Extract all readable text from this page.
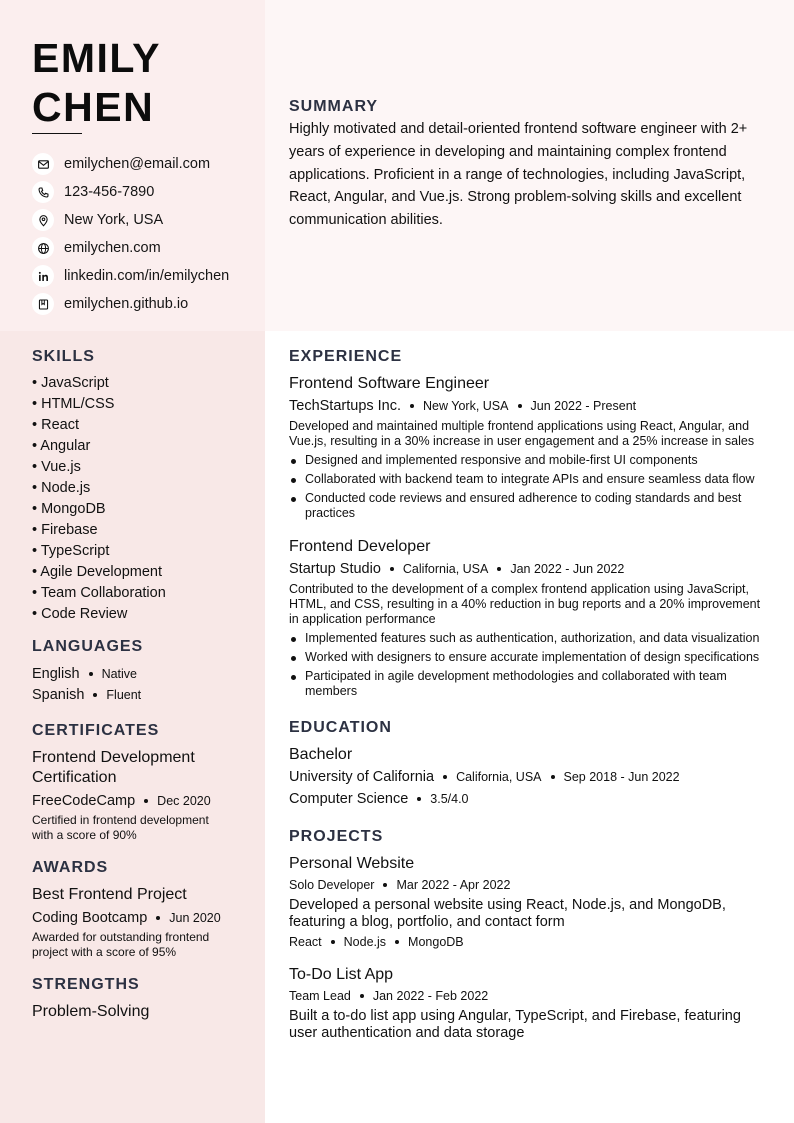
EMILY
CHEN
emilychen@email.com
123-456-7890
New York, USA
emilychen.com
linkedin.com/in/emilychen
emilychen.github.io
SUMMARY

Highly motivated and detail-oriented frontend software engineer with 2+ years of experience in developing and maintaining complex frontend applications. Proficient in a range of technologies, including JavaScript, React, Angular, and Vue.js. Strong problem-solving skills and excellent communication abilities.

SKILLS
• JavaScript
• HTML/CSS
• React
• Angular
• Vue.js
• Node.js
• MongoDB
• Firebase
• TypeScript
• Agile Development
• Team Collaboration
• Code Review
LANGUAGES
English Native
Spanish Fluent
CERTIFICATES
Frontend Development
Certification
FreeCodeCamp Dec 2020
Certified in frontend development
with a score of 90%
AWARDS
Best Frontend Project
Coding Bootcamp Jun 2020
Awarded for outstanding frontend
project with a score of 95%
STRENGTHS
Problem-Solving
EXPERIENCE
Frontend Software Engineer
TechStartups Inc. New York, USA Jun 2022 - Present
Developed and maintained multiple frontend applications using React, Angular, and Vue.js, resulting in a 30% increase in user engagement and a 25% increase in sales
Designed and implemented responsive and mobile-first UI components
Collaborated with backend team to integrate APIs and ensure seamless data flow
Conducted code reviews and ensured adherence to coding standards and best practices
Frontend Developer
Startup Studio California, USA Jan 2022 - Jun 2022
Contributed to the development of a complex frontend application using JavaScript, HTML, and CSS, resulting in a 40% reduction in bug reports and a 20% improvement in application performance
Implemented features such as authentication, authorization, and data visualization
Worked with designers to ensure accurate implementation of design specifications
Participated in agile development methodologies and collaborated with team members
EDUCATION
Bachelor
University of California California, USA Sep 2018 - Jun 2022
Computer Science 3.5/4.0
PROJECTS
Personal Website
Solo Developer Mar 2022 - Apr 2022
Developed a personal website using React, Node.js, and MongoDB, featuring a blog, portfolio, and contact form
React Node.js MongoDB
To-Do List App
Team Lead Jan 2022 - Feb 2022
Built a to-do list app using Angular, TypeScript, and Firebase, featuring user authentication and data storage
